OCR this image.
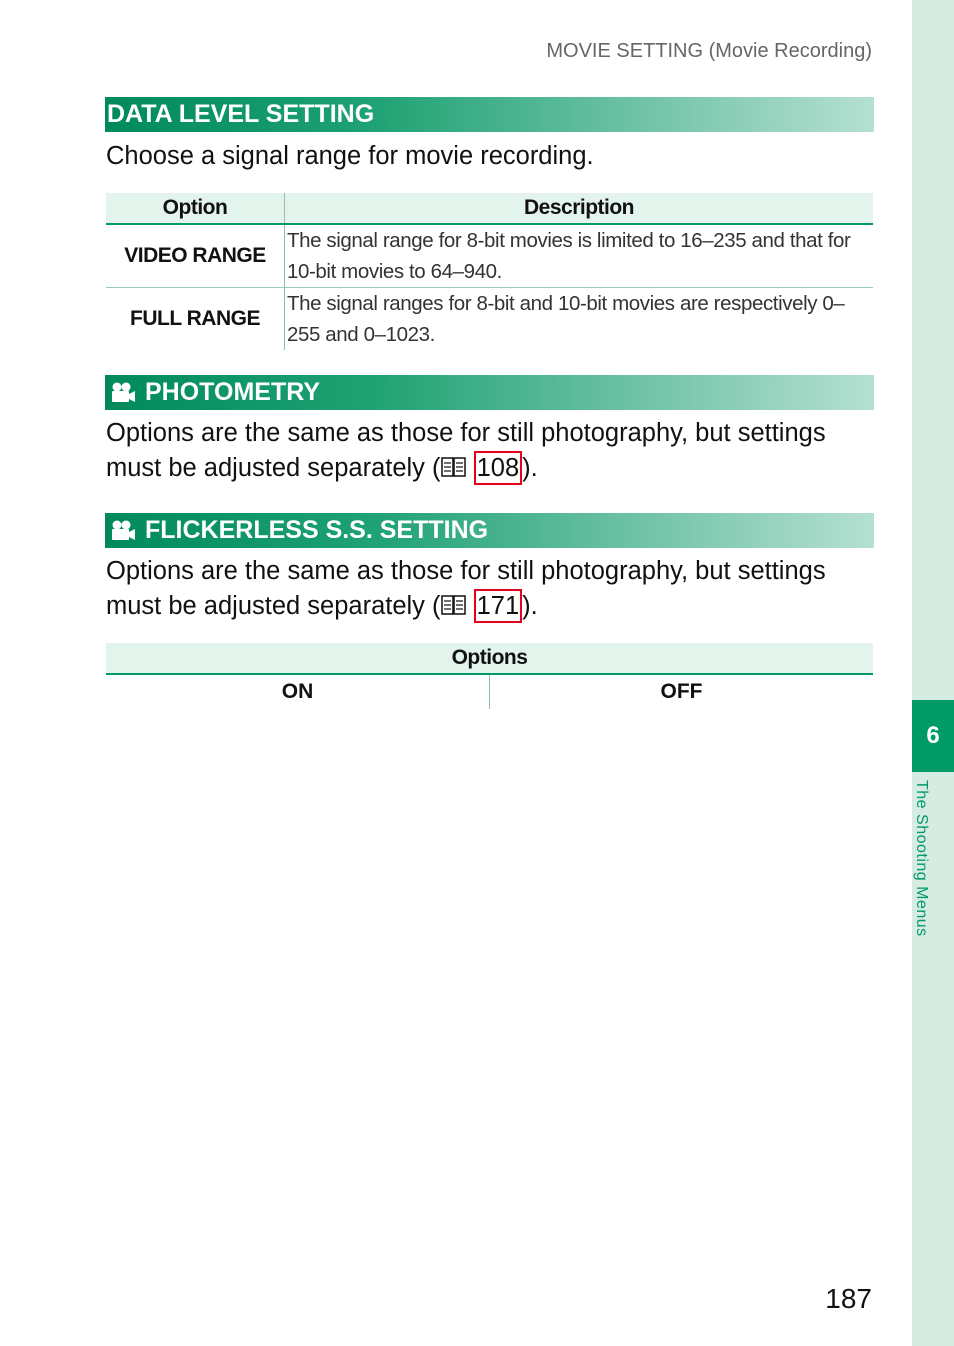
MOVIE SETTING (Movie Recording)
6
The Shooting Menus
DATA LEVEL SETTING
Choose a signal range for movie recording.
Option	Description
VIDEO RANGE	The signal range for 8-bit movies is limited to 16–235 and that for 10-bit movies to 64–940.
FULL RANGE	The signal ranges for 8-bit and 10-bit movies are respectively 0–255 and 0–1023.
PHOTOMETRY
Options are the same as those for still photography, but settings must be adjusted separately ( 108 ).
FLICKERLESS S.S. SETTING
Options are the same as those for still photography, but settings must be adjusted separately ( 171 ).
Options
ON	OFF
187
